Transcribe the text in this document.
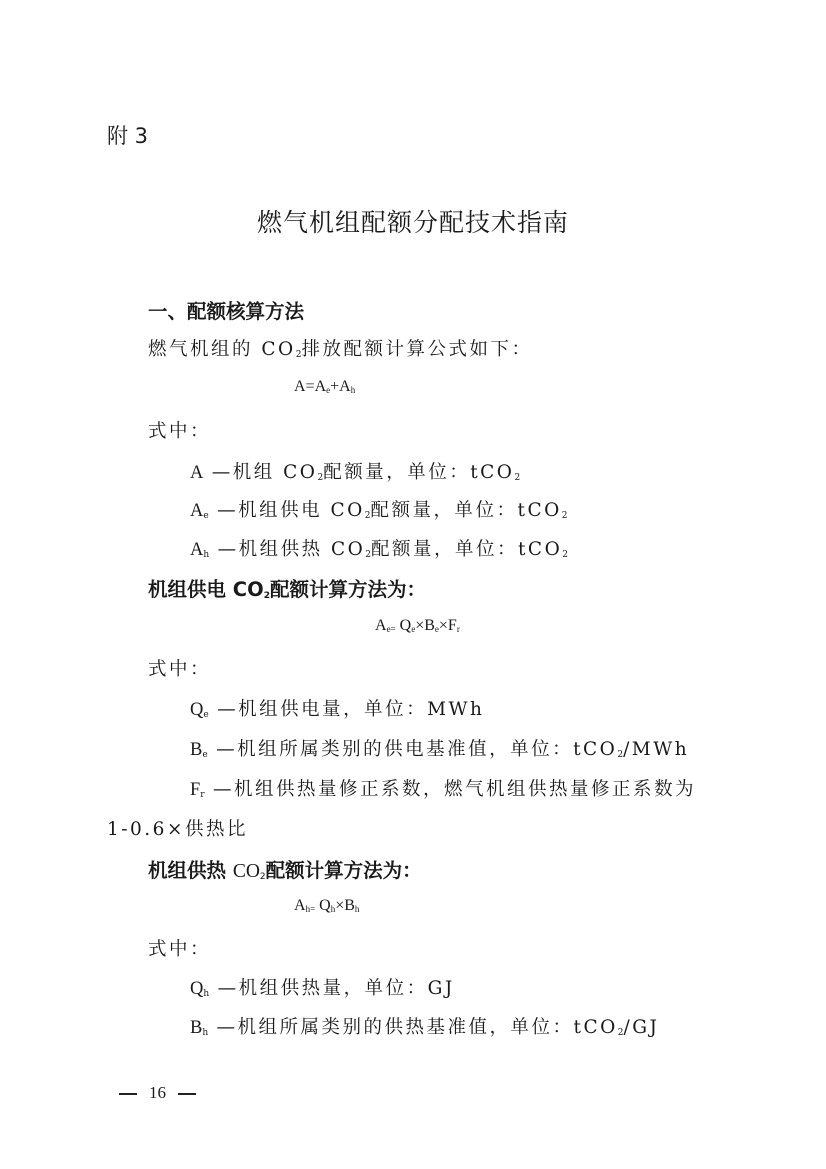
附 3
燃气机组配额分配技术指南
一、配额核算方法
燃气机组的 $CO_2$排放配额计算公式如下：
$A=A_e+A_h$
式中：
A —机组 $CO_2$配额量，单位：tCO$_2$
$A_e$ —机组供电 $CO_2$配额量，单位：tCO$_2$
$A_h$ —机组供热 $CO_2$配额量，单位：tCO$_2$
机组供电 $CO_2$配额计算方法为：
$A_{e=}$ $Q_e\times B_e\times F_r$
式中：
$Q_e$ —机组供电量，单位：MWh
$B_e$ —机组所属类别的供电基准值，单位：tCO$_2$/MWh
$F_r$ —机组供热量修正系数，燃气机组供热量修正系数为
1-0.6×供热比
机组供热 $CO_2$配额计算方法为：
$A_{h=}$ $Q_h\times B_h$
式中：
$Q_h$ —机组供热量，单位：GJ
$B_h$ —机组所属类别的供热基准值，单位：tCO$_2$/GJ
16
